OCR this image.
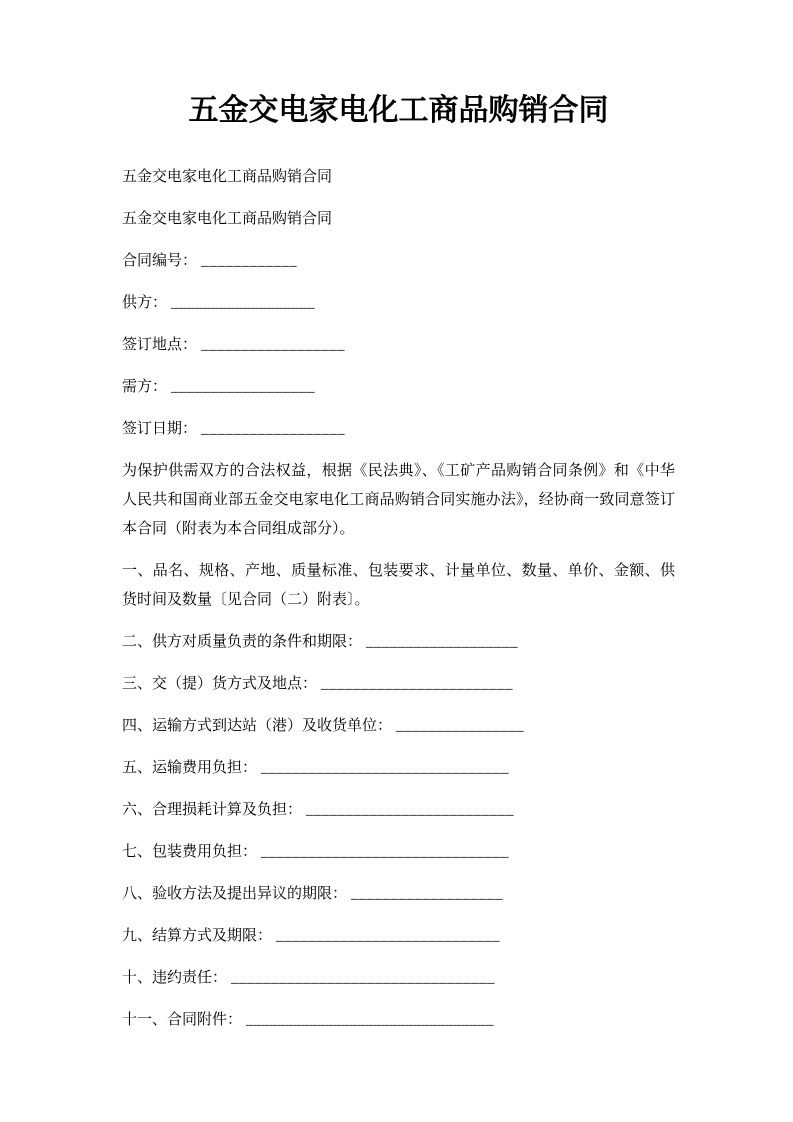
五金交电家电化工商品购销合同

五金交电家电化工商品购销合同

五金交电家电化工商品购销合同

合同编号： ____________

供方： __________________

签订地点： __________________

需方： __________________

签订日期： __________________

为保护供需双方的合法权益，根据《民法典》、《工矿产品购销合同条例》和《中华人民共和国商业部五金交电家电化工商品购销合同实施办法》，经协商一致同意签订本合同（附表为本合同组成部分）。

一、品名、规格、产地、质量标准、包装要求、计量单位、数量、单价、金额、供货时间及数量〔见合同（二）附表〕。

二、供方对质量负责的条件和期限： ___________________

三、交（提）货方式及地点： ________________________

四、运输方式到达站（港）及收货单位： ________________

五、运输费用负担： _______________________________

六、合理损耗计算及负担： __________________________

七、包装费用负担： _______________________________

八、验收方法及提出异议的期限： ___________________

九、结算方式及期限： ____________________________

十、违约责任： _________________________________

十一、合同附件： _______________________________
